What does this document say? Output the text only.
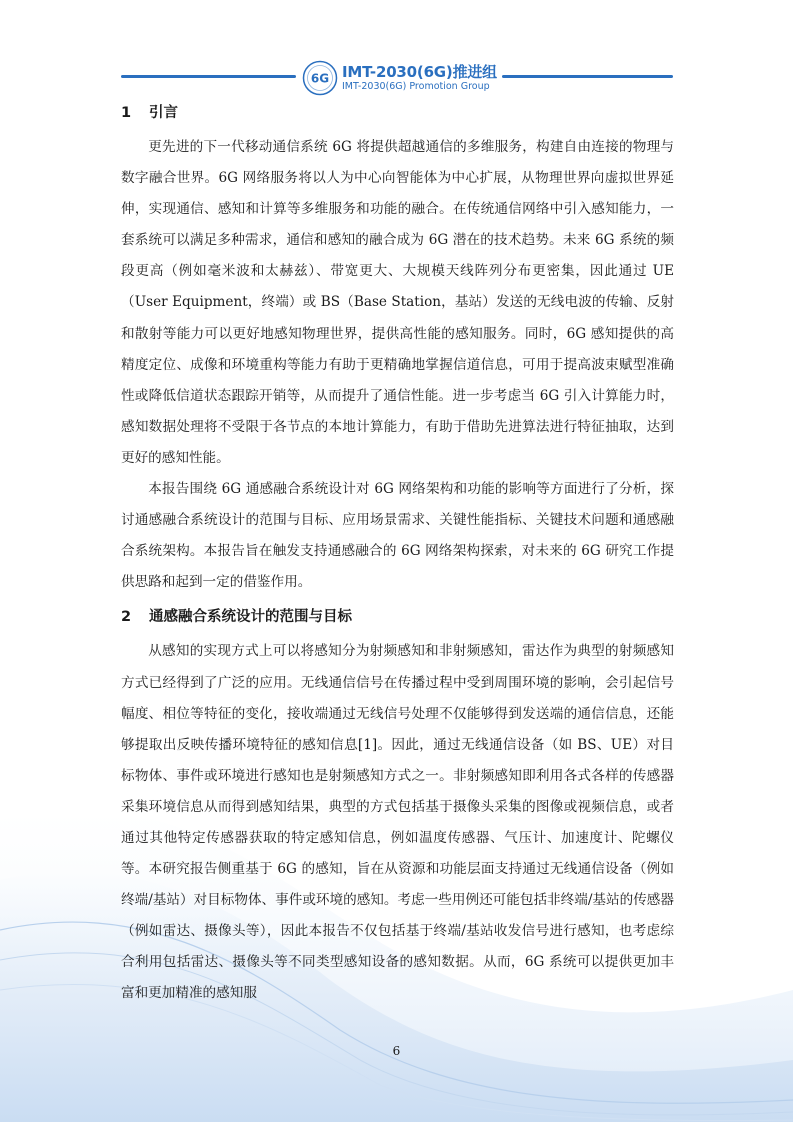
6G IMT-2030(6G)推进组
IMT-2030(6G) Promotion Group
1 引言

更先进的下一代移动通信系统 6G 将提供超越通信的多维服务，构建自由连接的物理与数字融合世界。6G 网络服务将以人为中心向智能体为中心扩展，从物理世界向虚拟世界延伸，实现通信、感知和计算等多维服务和功能的融合。在传统通信网络中引入感知能力，一套系统可以满足多种需求，通信和感知的融合成为 6G 潜在的技术趋势。未来 6G 系统的频段更高（例如毫米波和太赫兹）、带宽更大、大规模天线阵列分布更密集，因此通过 UE（User Equipment，终端）或 BS（Base Station，基站）发送的无线电波的传输、反射和散射等能力可以更好地感知物理世界，提供高性能的感知服务。同时，6G 感知提供的高精度定位、成像和环境重构等能力有助于更精确地掌握信道信息，可用于提高波束赋型准确性或降低信道状态跟踪开销等，从而提升了通信性能。进一步考虑当 6G 引入计算能力时，感知数据处理将不受限于各节点的本地计算能力，有助于借助先进算法进行特征抽取，达到更好的感知性能。

本报告围绕 6G 通感融合系统设计对 6G 网络架构和功能的影响等方面进行了分析，探讨通感融合系统设计的范围与目标、应用场景需求、关键性能指标、关键技术问题和通感融合系统架构。本报告旨在触发支持通感融合的 6G 网络架构探索，对未来的 6G 研究工作提供思路和起到一定的借鉴作用。

2 通感融合系统设计的范围与目标

从感知的实现方式上可以将感知分为射频感知和非射频感知，雷达作为典型的射频感知方式已经得到了广泛的应用。无线通信信号在传播过程中受到周围环境的影响，会引起信号幅度、相位等特征的变化，接收端通过无线信号处理不仅能够得到发送端的通信信息，还能够提取出反映传播环境特征的感知信息[1]。因此，通过无线通信设备（如 BS、UE）对目标物体、事件或环境进行感知也是射频感知方式之一。非射频感知即利用各式各样的传感器采集环境信息从而得到感知结果，典型的方式包括基于摄像头采集的图像或视频信息，或者通过其他特定传感器获取的特定感知信息，例如温度传感器、气压计、加速度计、陀螺仪等。本研究报告侧重基于 6G 的感知，旨在从资源和功能层面支持通过无线通信设备（例如终端/基站）对目标物体、事件或环境的感知。考虑一些用例还可能包括非终端/基站的传感器（例如雷达、摄像头等），因此本报告不仅包括基于终端/基站收发信号进行感知，也考虑综合利用包括雷达、摄像头等不同类型感知设备的感知数据。从而，6G 系统可以提供更加丰富和更加精准的感知服

6
